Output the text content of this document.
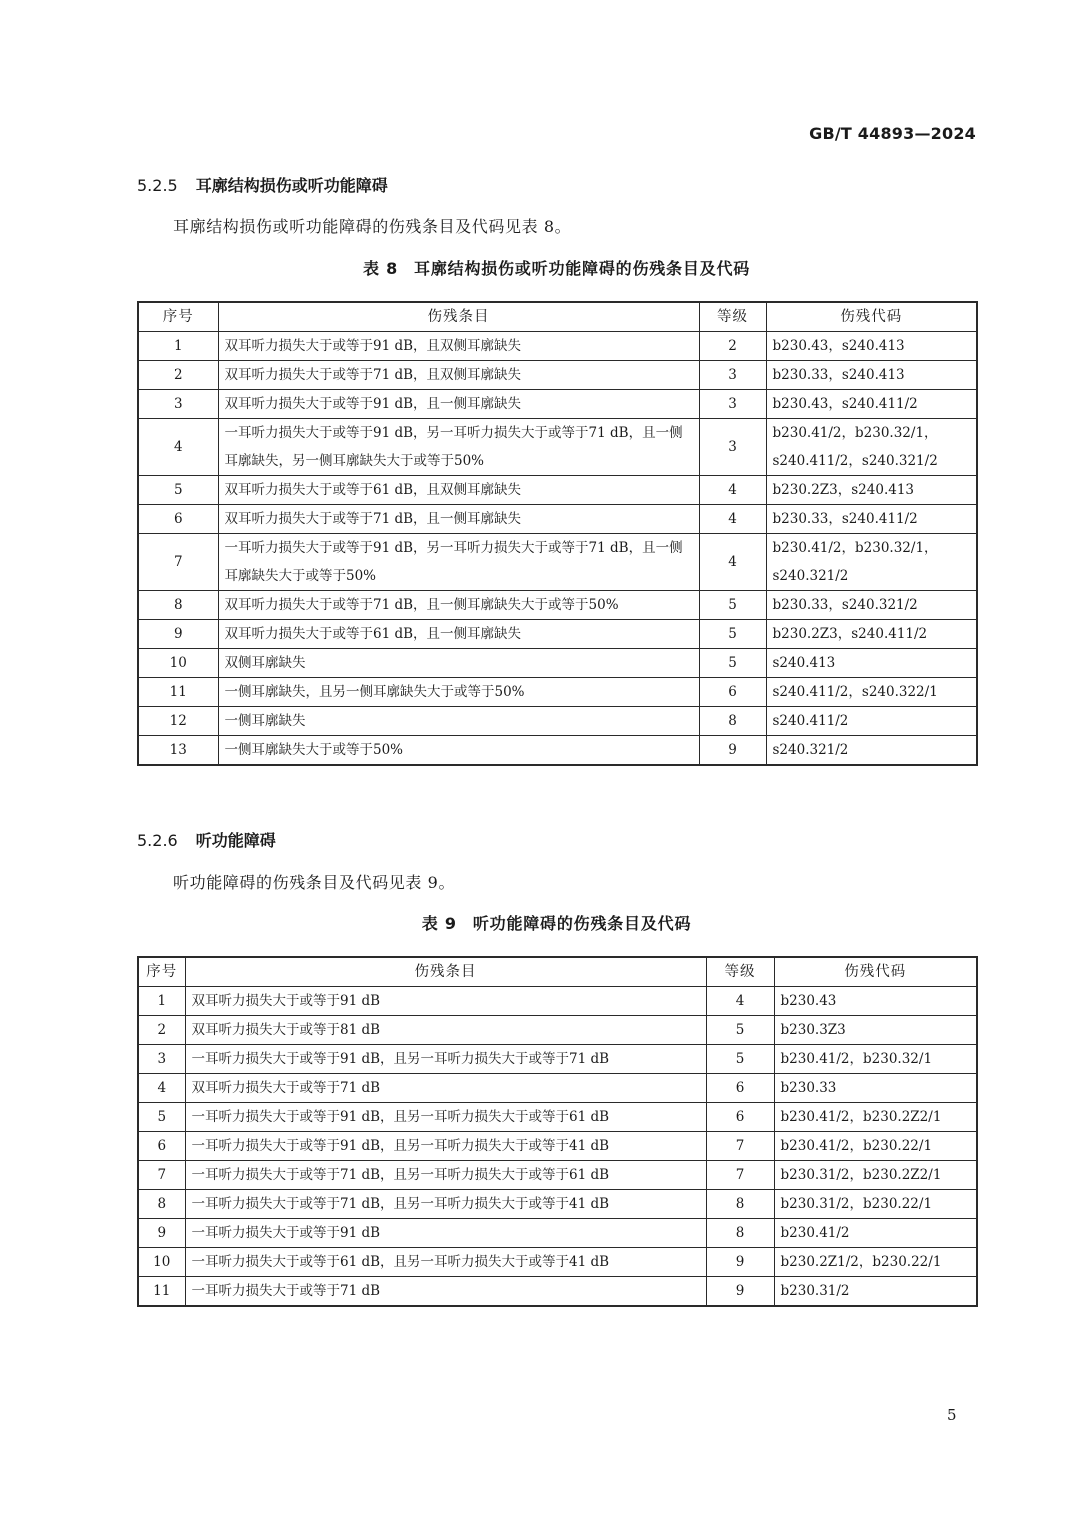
GB/T 44893—2024
5.2.5 耳廓结构损伤或听功能障碍
耳廓结构损伤或听功能障碍的伤残条目及代码见表 8。
表 8 耳廓结构损伤或听功能障碍的伤残条目及代码
序号	伤残条目	等级	伤残代码
1	双耳听力损失大于或等于91 dB，且双侧耳廓缺失	2	b230.43，s240.413
2	双耳听力损失大于或等于71 dB，且双侧耳廓缺失	3	b230.33，s240.413
3	双耳听力损失大于或等于91 dB，且一侧耳廓缺失	3	b230.43，s240.411/2
4	一耳听力损失大于或等于91 dB，另一耳听力损失大于或等于71 dB，且一侧耳廓缺失，另一侧耳廓缺失大于或等于50%	3	b230.41/2，b230.32/1，s240.411/2，s240.321/2
5	双耳听力损失大于或等于61 dB，且双侧耳廓缺失	4	b230.2Z3，s240.413
6	双耳听力损失大于或等于71 dB，且一侧耳廓缺失	4	b230.33，s240.411/2
7	一耳听力损失大于或等于91 dB，另一耳听力损失大于或等于71 dB，且一侧耳廓缺失大于或等于50%	4	b230.41/2，b230.32/1，s240.321/2
8	双耳听力损失大于或等于71 dB，且一侧耳廓缺失大于或等于50%	5	b230.33，s240.321/2
9	双耳听力损失大于或等于61 dB，且一侧耳廓缺失	5	b230.2Z3，s240.411/2
10	双侧耳廓缺失	5	s240.413
11	一侧耳廓缺失，且另一侧耳廓缺失大于或等于50%	6	s240.411/2，s240.322/1
12	一侧耳廓缺失	8	s240.411/2
13	一侧耳廓缺失大于或等于50%	9	s240.321/2
5.2.6 听功能障碍
听功能障碍的伤残条目及代码见表 9。
表 9 听功能障碍的伤残条目及代码
序号	伤残条目	等级	伤残代码
1	双耳听力损失大于或等于91 dB	4	b230.43
2	双耳听力损失大于或等于81 dB	5	b230.3Z3
3	一耳听力损失大于或等于91 dB，且另一耳听力损失大于或等于71 dB	5	b230.41/2，b230.32/1
4	双耳听力损失大于或等于71 dB	6	b230.33
5	一耳听力损失大于或等于91 dB，且另一耳听力损失大于或等于61 dB	6	b230.41/2，b230.2Z2/1
6	一耳听力损失大于或等于91 dB，且另一耳听力损失大于或等于41 dB	7	b230.41/2，b230.22/1
7	一耳听力损失大于或等于71 dB，且另一耳听力损失大于或等于61 dB	7	b230.31/2，b230.2Z2/1
8	一耳听力损失大于或等于71 dB，且另一耳听力损失大于或等于41 dB	8	b230.31/2，b230.22/1
9	一耳听力损失大于或等于91 dB	8	b230.41/2
10	一耳听力损失大于或等于61 dB，且另一耳听力损失大于或等于41 dB	9	b230.2Z1/2，b230.22/1
11	一耳听力损失大于或等于71 dB	9	b230.31/2
5
